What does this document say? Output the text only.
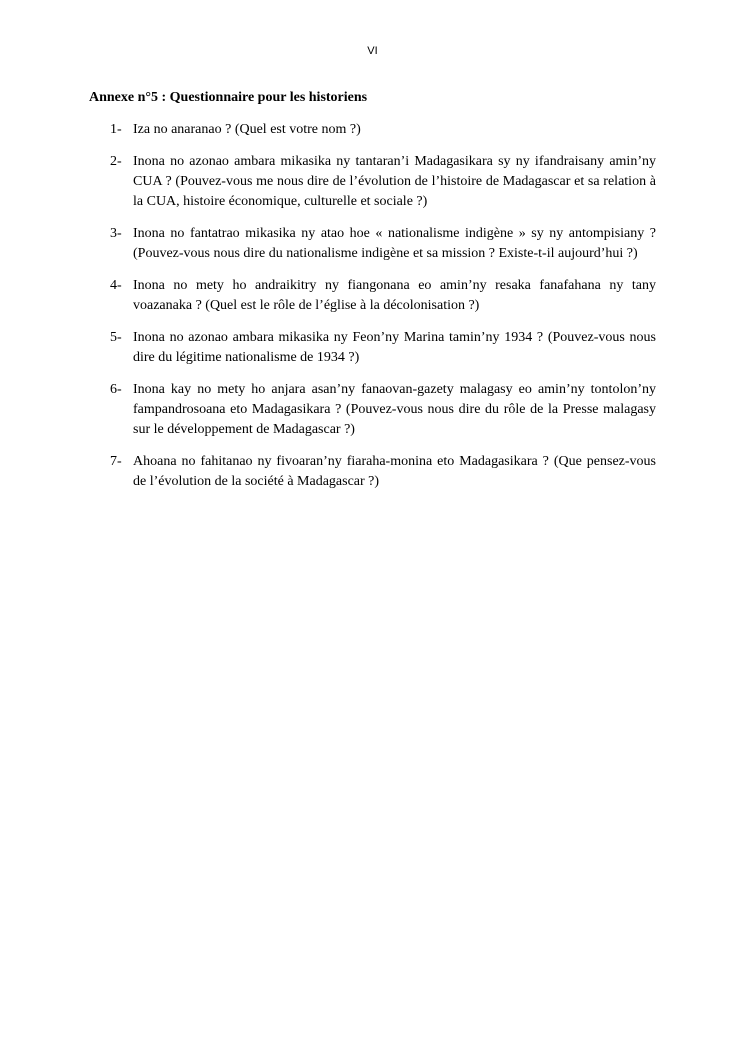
VI
Annexe n°5 : Questionnaire pour les historiens
1- Iza no anaranao ? (Quel est votre nom ?)
2- Inona no azonao ambara mikasika ny tantaran’i Madagasikara sy ny ifandraisany amin’ny CUA ? (Pouvez-vous me nous dire de l’évolution de l’histoire de Madagascar et sa relation à la CUA, histoire économique, culturelle et sociale ?)
3- Inona no fantatrao mikasika ny atao hoe « nationalisme indigène » sy ny antompisiany ? (Pouvez-vous nous dire du nationalisme indigène et sa mission ? Existe-t-il aujourd’hui ?)
4- Inona no mety ho andraikitry ny fiangonana eo amin’ny resaka fanafahana ny tany voazanaka ? (Quel est le rôle de l’église à la décolonisation ?)
5- Inona no azonao ambara mikasika ny Feon’ny Marina tamin’ny 1934 ? (Pouvez-vous nous dire du légitime nationalisme de 1934 ?)
6- Inona kay no mety ho anjara asan’ny fanaovan-gazety malagasy eo amin’ny tontolon’ny fampandrosoana eto Madagasikara ? (Pouvez-vous nous dire du rôle de la Presse malagasy sur le développement de Madagascar ?)
7- Ahoana no fahitanao ny fivoaran’ny fiaraha-monina eto Madagasikara ? (Que pensez-vous de l’évolution de la société à Madagascar ?)
